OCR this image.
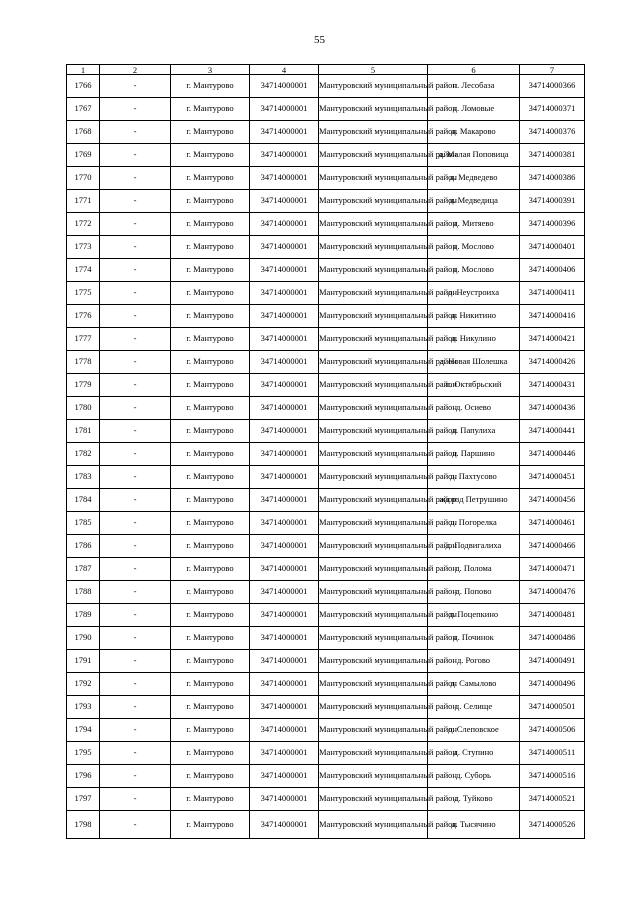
55
1	2	3	4	5	6	7
1766	-	г. Мантурово	34714000001	Мантуровский муниципальный район	п. Лесобаза	34714000366
1767	-	г. Мантурово	34714000001	Мантуровский муниципальный район	д. Ломовые	34714000371
1768	-	г. Мантурово	34714000001	Мантуровский муниципальный район	д. Макарово	34714000376
1769	-	г. Мантурово	34714000001	Мантуровский муниципальный район	д. Малая Поповица	34714000381
1770	-	г. Мантурово	34714000001	Мантуровский муниципальный район	д. Медведево	34714000386
1771	-	г. Мантурово	34714000001	Мантуровский муниципальный район	д. Медведица	34714000391
1772	-	г. Мантурово	34714000001	Мантуровский муниципальный район	д. Митяево	34714000396
1773	-	г. Мантурово	34714000001	Мантуровский муниципальный район	д. Мослово	34714000401
1774	-	г. Мантурово	34714000001	Мантуровский муниципальный район	д. Мослово	34714000406
1775	-	г. Мантурово	34714000001	Мантуровский муниципальный район	д. Неустроиха	34714000411
1776	-	г. Мантурово	34714000001	Мантуровский муниципальный район	д. Никитино	34714000416
1777	-	г. Мантурово	34714000001	Мантуровский муниципальный район	д. Никулино	34714000421
1778	-	г. Мантурово	34714000001	Мантуровский муниципальный район	д. Новая Шолешка	34714000426
1779	-	г. Мантурово	34714000001	Мантуровский муниципальный район	п. Октябрьский	34714000431
1780	-	г. Мантурово	34714000001	Мантуровский муниципальный район	д. Осиево	34714000436
1781	-	г. Мантурово	34714000001	Мантуровский муниципальный район	д. Папулиха	34714000441
1782	-	г. Мантурово	34714000001	Мантуровский муниципальный район	д. Паршино	34714000446
1783	-	г. Мантурово	34714000001	Мантуровский муниципальный район	д. Пахтусово	34714000451
1784	-	г. Мантурово	34714000001	Мантуровский муниципальный район	жд рзд Петрушино	34714000456
1785	-	г. Мантурово	34714000001	Мантуровский муниципальный район	д. Погорелка	34714000461
1786	-	г. Мантурово	34714000001	Мантуровский муниципальный район	д. Подвигалиха	34714000466
1787	-	г. Мантурово	34714000001	Мантуровский муниципальный район	д. Полома	34714000471
1788	-	г. Мантурово	34714000001	Мантуровский муниципальный район	д. Попово	34714000476
1789	-	г. Мантурово	34714000001	Мантуровский муниципальный район	д. Поцепкино	34714000481
1790	-	г. Мантурово	34714000001	Мантуровский муниципальный район	д. Починок	34714000486
1791	-	г. Мантурово	34714000001	Мантуровский муниципальный район	д. Рогово	34714000491
1792	-	г. Мантурово	34714000001	Мантуровский муниципальный район	д. Самылово	34714000496
1793	-	г. Мантурово	34714000001	Мантуровский муниципальный район	д. Селище	34714000501
1794	-	г. Мантурово	34714000001	Мантуровский муниципальный район	д. Слеповское	34714000506
1795	-	г. Мантурово	34714000001	Мантуровский муниципальный район	д. Ступино	34714000511
1796	-	г. Мантурово	34714000001	Мантуровский муниципальный район	д. Суборь	34714000516
1797	-	г. Мантурово	34714000001	Мантуровский муниципальный район	д. Туйково	34714000521
1798	-	г. Мантурово	34714000001	Мантуровский муниципальный район	д. Тысячино	34714000526
